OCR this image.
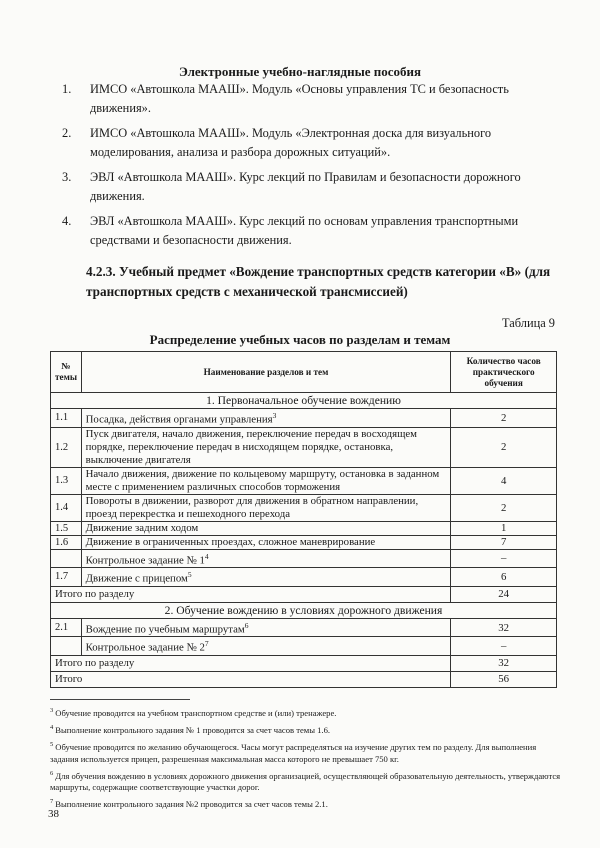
Электронные учебно-наглядные пособия
1.	ИМСО «Автошкола МААШ». Модуль «Основы управления ТС и безопасность движения».
2.	ИМСО «Автошкола МААШ». Модуль «Электронная доска для визуального моделирования, анализа и разбора дорожных ситуаций».
3.	ЭВЛ «Автошкола МААШ». Курс лекций по Правилам и безопасности дорожного движения.
4.	ЭВЛ «Автошкола МААШ». Курс лекций по основам управления транспортными средствами и безопасности движения.
4.2.3. Учебный предмет «Вождение транспортных средств категории «В» (для транспортных средств с механической трансмиссией)
Таблица 9
Распределение учебных часов по разделам и темам
№ темы	Наименование разделов и тем	Количество часов практического обучения
1. Первоначальное обучение вождению		
1.1	Посадка, действия органами управления$^3$	2
1.2	Пуск двигателя, начало движения, переключение передач в восходящем порядке, переключение передач в нисходящем порядке, остановка, выключение двигателя	2
1.3	Начало движения, движение по кольцевому маршруту, остановка в заданном месте с применением различных способов торможения	4
1.4	Повороты в движении, разворот для движения в обратном направлении, проезд перекрестка и пешеходного перехода	2
1.5	Движение задним ходом	1
1.6	Движение в ограниченных проездах, сложное маневрирование	7
	Контрольное задание № 1$^4$	–
1.7	Движение с прицепом$^5$	6
Итого по разделу		24
2. Обучение вождению в условиях дорожного движения		
2.1	Вождение по учебным маршрутам$^6$	32
	Контрольное задание № 2$^7$	–
Итого по разделу		32
Итого		56
$^3$ Обучение проводится на учебном транспортном средстве и (или) тренажере.
$^4$ Выполнение контрольного задания № 1 проводится за счет часов темы 1.6.
$^5$ Обучение проводится по желанию обучающегося. Часы могут распределяться на изучение других тем по разделу. Для выполнения задания используется прицеп, разрешенная максимальная масса которого не превышает 750 кг.
$^6$ Для обучения вождению в условиях дорожного движения организацией, осуществляющей образовательную деятельность, утверждаются маршруты, содержащие соответствующие участки дорог.
$^7$ Выполнение контрольного задания №2 проводится за счет часов темы 2.1.
38
